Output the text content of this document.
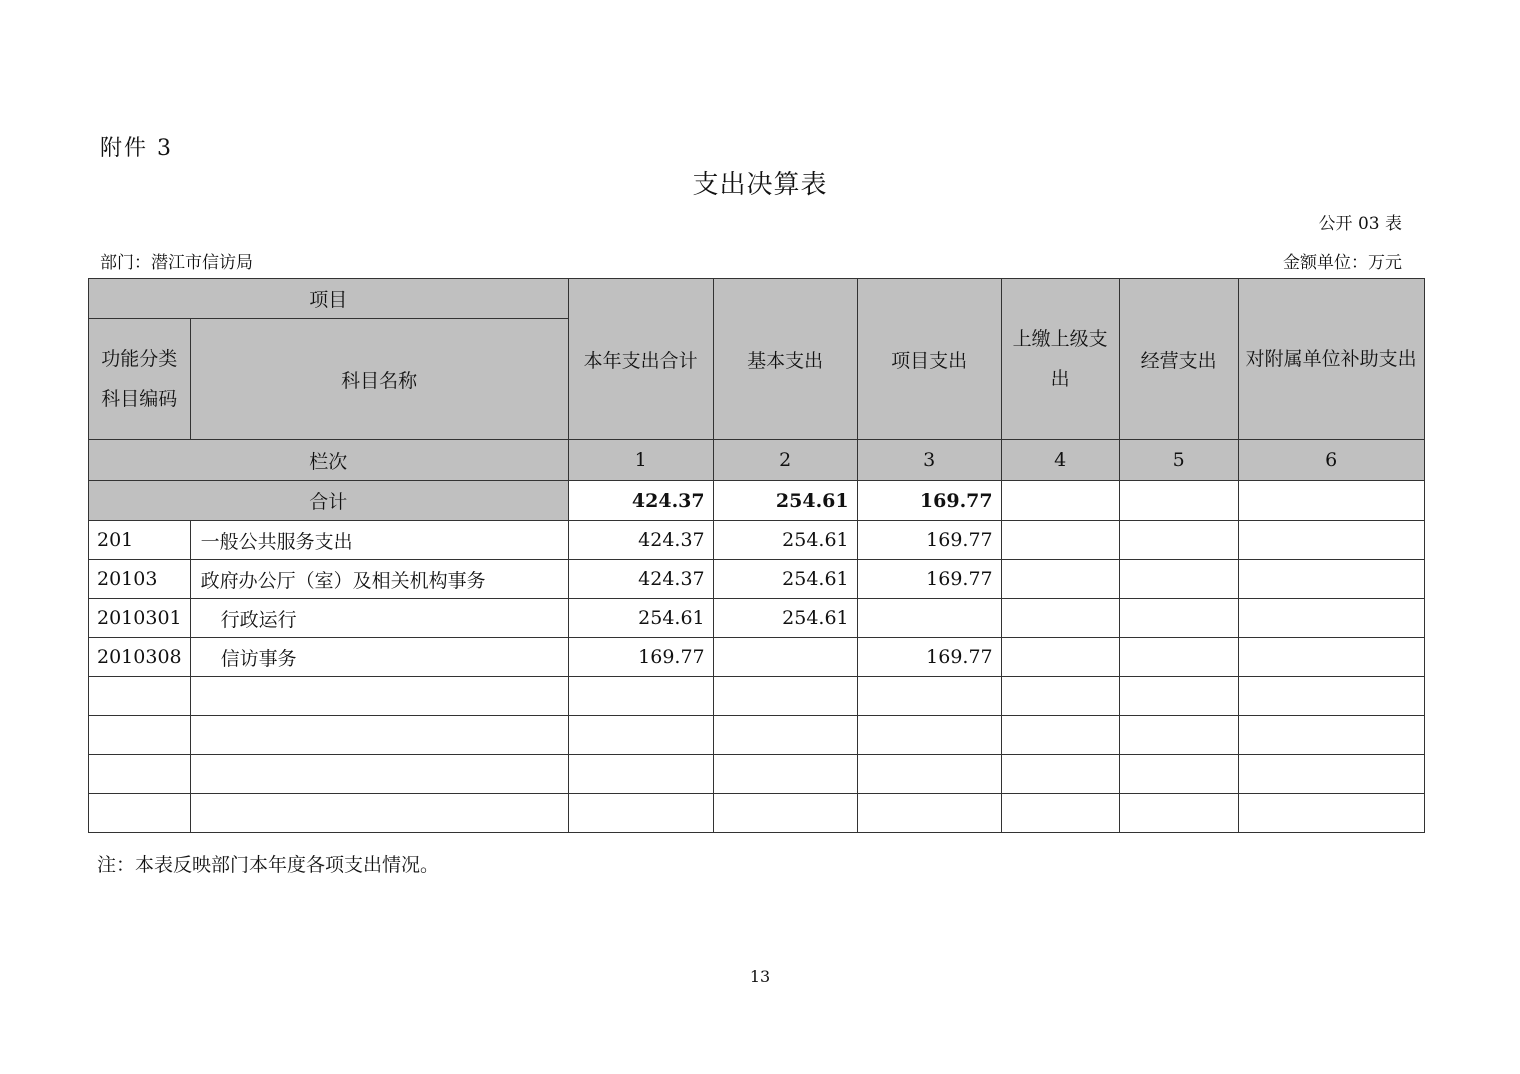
附件 3
支出决算表
公开 03 表
部门：潜江市信访局	金额单位：万元
项目		本年支出合计	基本支出	项目支出	上缴上级支出	经营支出	对附属单位补助支出
功能分类科目编码	科目名称						
栏次		1	2	3	4	5	6
合计		424.37	254.61	169.77			
201	一般公共服务支出	424.37	254.61	169.77			
20103	政府办公厅（室）及相关机构事务	424.37	254.61	169.77			
2010301	行政运行	254.61	254.61				
2010308	信访事务	169.77		169.77			

注：本表反映部门本年度各项支出情况。
13
